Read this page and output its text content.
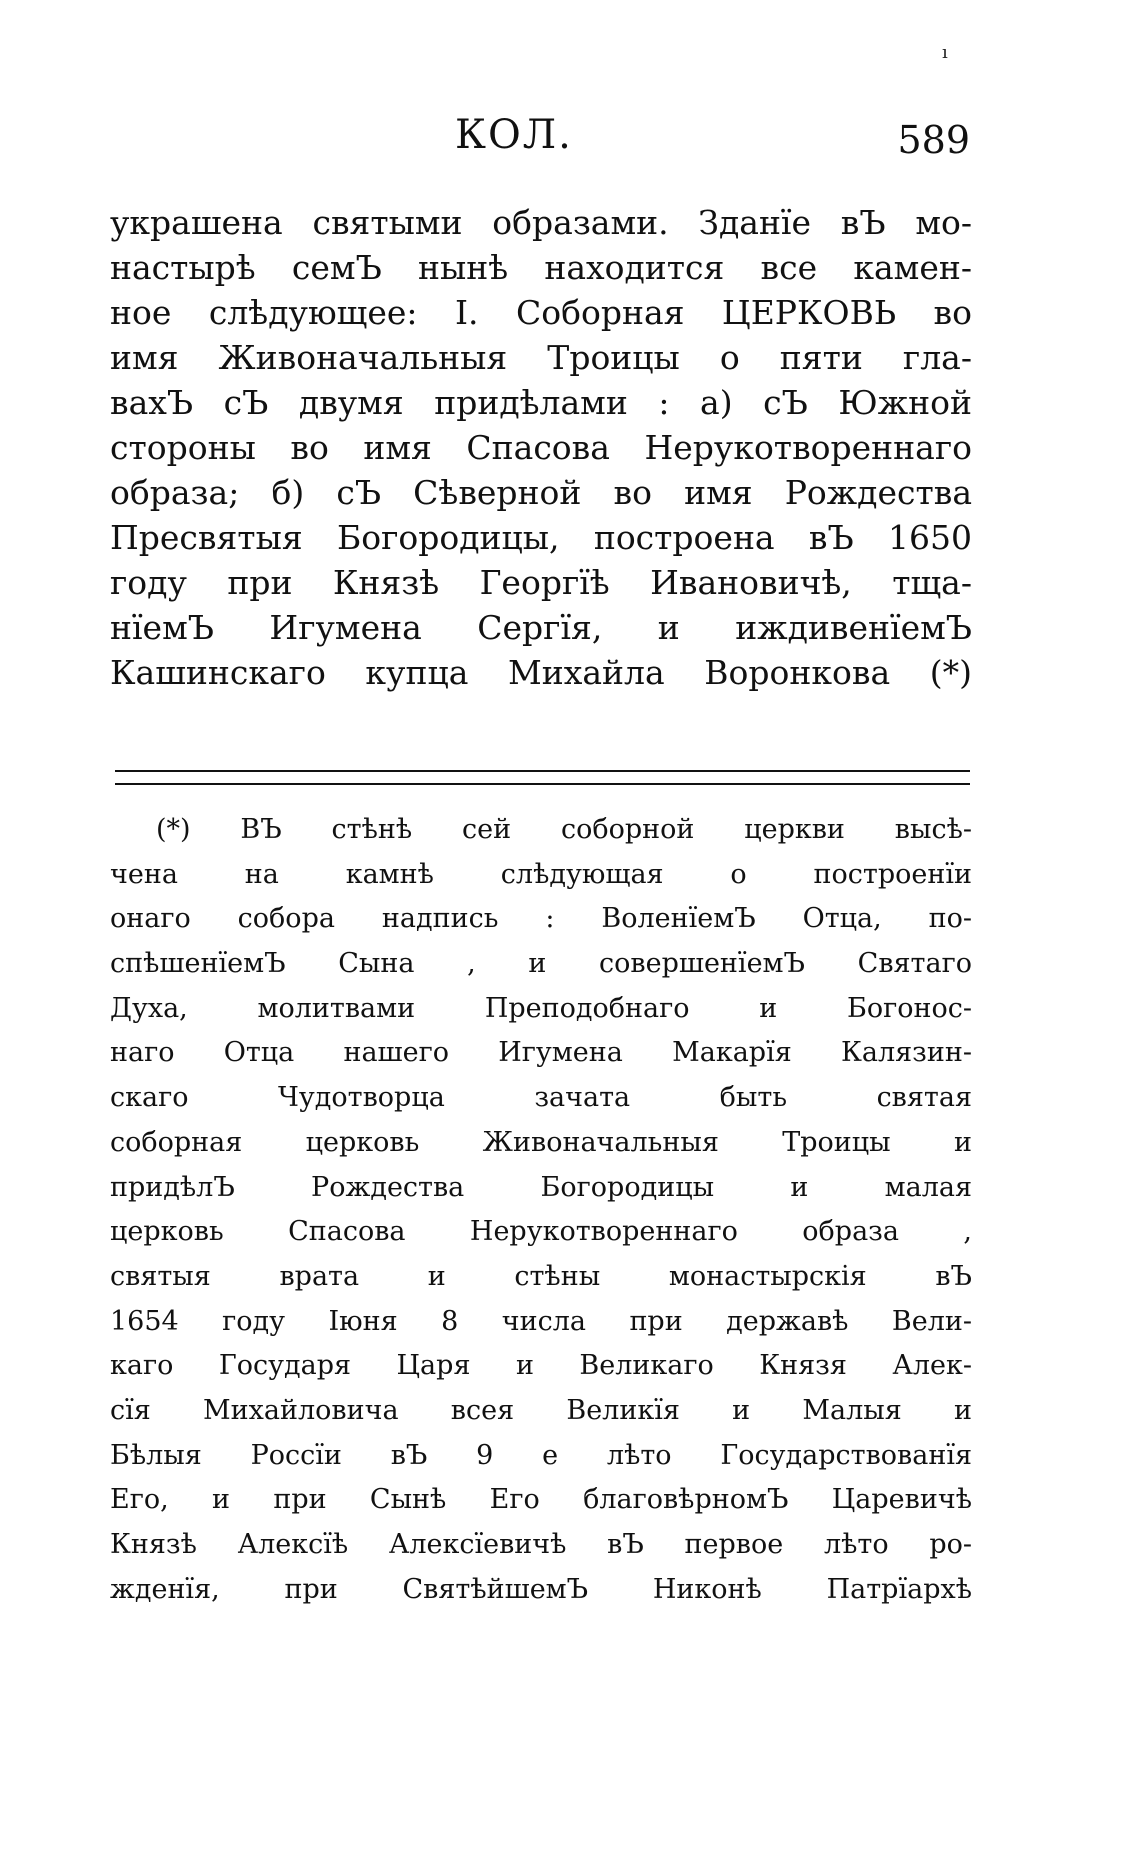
ı
КОЛ.	589
украшена святыми образами. Зданїе вЪ мо-
настырѣ семЪ нынѣ находится все камен-
ное слѣдующее: I. Соборная ЦЕРКОВЬ во
имя Живоначальныя Троицы о пяти гла-
вахЪ сЪ двумя придѣлами : а) сЪ Южной
стороны во имя Спасова Нерукотвореннаго
образа; б) сЪ Сѣверной во имя Рождества
Пресвятыя Богородицы, построена вЪ 1650
году при Князѣ Георгїѣ Ивановичѣ, тща-
нїемЪ Игумена Сергїя, и иждивенїемЪ
Кашинскаго купца Михайла Воронкова (*)
(*) ВЪ стѣнѣ сей соборной церкви высѣ-
чена на камнѣ слѣдующая о построенїи
онаго собора надпись : ВоленїемЪ Отца, по-
спѣшенїемЪ Сына , и совершенїемЪ Святаго
Духа, молитвами Преподобнаго и Богонос-
наго Отца нашего Игумена Макарїя Калязин-
скаго Чудотворца зачата быть святая
соборная церковь Живоначальныя Троицы и
придѣлЪ Рождества Богородицы и малая
церковь Спасова Нерукотвореннаго образа ,
святыя врата и стѣны монастырскія вЪ
1654 году Iюня 8 числа при державѣ Вели-
каго Государя Царя и Великаго Князя Алек-
сїя Михайловича всея Великїя и Малыя и
Бѣлыя Россїи вЪ 9 е лѣто Государствованїя
Его, и при Сынѣ Его благовѣрномЪ Царевичѣ
Князѣ Алексїѣ Алексїевичѣ вЪ первое лѣто ро-
жденїя, при СвятѣйшемЪ Никонѣ Патрїархѣ
